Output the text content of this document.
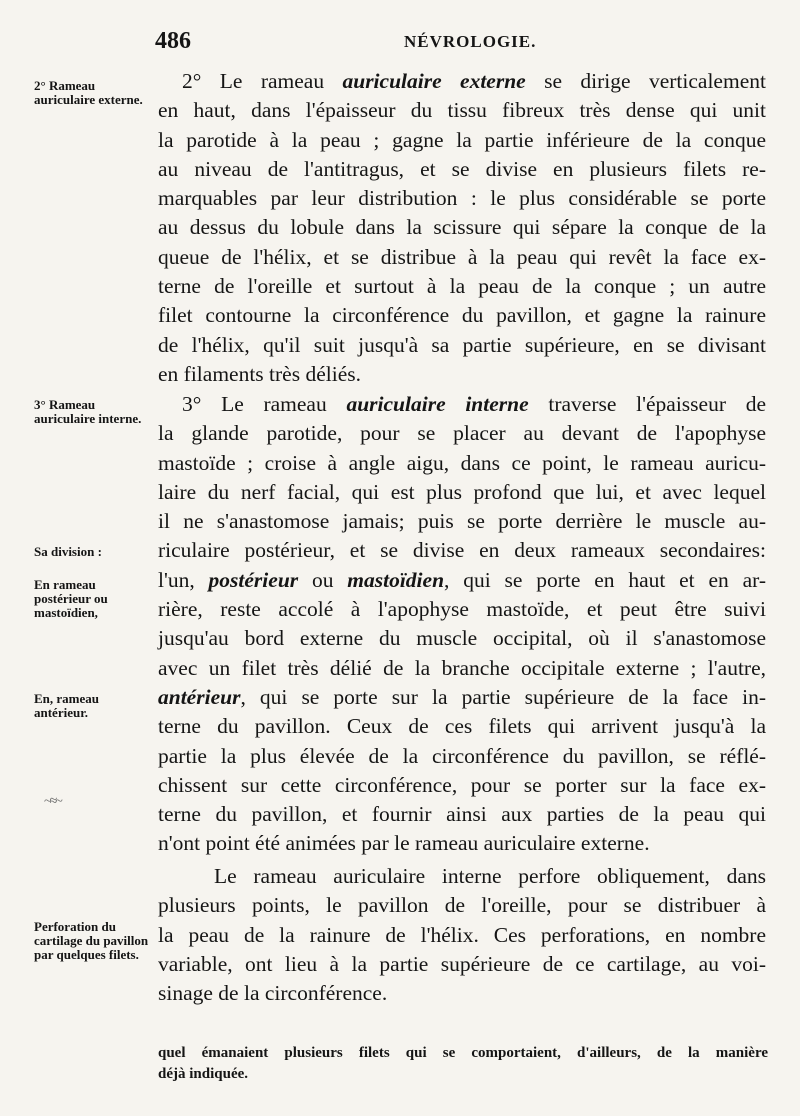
486	NÉVROLOGIE.
2° Rameau auriculaire externe.
3° Rameau auriculaire interne.
Sa division :
En rameau postérieur ou mastoïdien,
En, rameau antérieur.
Perforation du cartilage du pavillon par quelques filets.
~≈~
2° Le rameau auriculaire externe se dirige verticalement
en haut, dans l'épaisseur du tissu fibreux très dense qui unit
la parotide à la peau ; gagne la partie inférieure de la conque
au niveau de l'antitragus, et se divise en plusieurs filets re-
marquables par leur distribution : le plus considérable se porte
au dessus du lobule dans la scissure qui sépare la conque de la
queue de l'hélix, et se distribue à la peau qui revêt la face ex-
terne de l'oreille et surtout à la peau de la conque ; un autre
filet contourne la circonférence du pavillon, et gagne la rainure
de l'hélix, qu'il suit jusqu'à sa partie supérieure, en se divisant
en filaments très déliés.
3° Le rameau auriculaire interne traverse l'épaisseur de
la glande parotide, pour se placer au devant de l'apophyse
mastoïde ; croise à angle aigu, dans ce point, le rameau auricu-
laire du nerf facial, qui est plus profond que lui, et avec lequel
il ne s'anastomose jamais; puis se porte derrière le muscle au-
riculaire postérieur, et se divise en deux rameaux secondaires:
l'un, postérieur ou mastoïdien, qui se porte en haut et en ar-
rière, reste accolé à l'apophyse mastoïde, et peut être suivi
jusqu'au bord externe du muscle occipital, où il s'anastomose
avec un filet très délié de la branche occipitale externe ; l'autre,
antérieur, qui se porte sur la partie supérieure de la face in-
terne du pavillon. Ceux de ces filets qui arrivent jusqu'à la
partie la plus élevée de la circonférence du pavillon, se réflé-
chissent sur cette circonférence, pour se porter sur la face ex-
terne du pavillon, et fournir ainsi aux parties de la peau qui
n'ont point été animées par le rameau auriculaire externe.
Le rameau auriculaire interne perfore obliquement, dans
plusieurs points, le pavillon de l'oreille, pour se distribuer à
la peau de la rainure de l'hélix. Ces perforations, en nombre
variable, ont lieu à la partie supérieure de ce cartilage, au voi-
sinage de la circonférence.
quel émanaient plusieurs filets qui se comportaient, d'ailleurs, de la manière
déjà indiquée.
